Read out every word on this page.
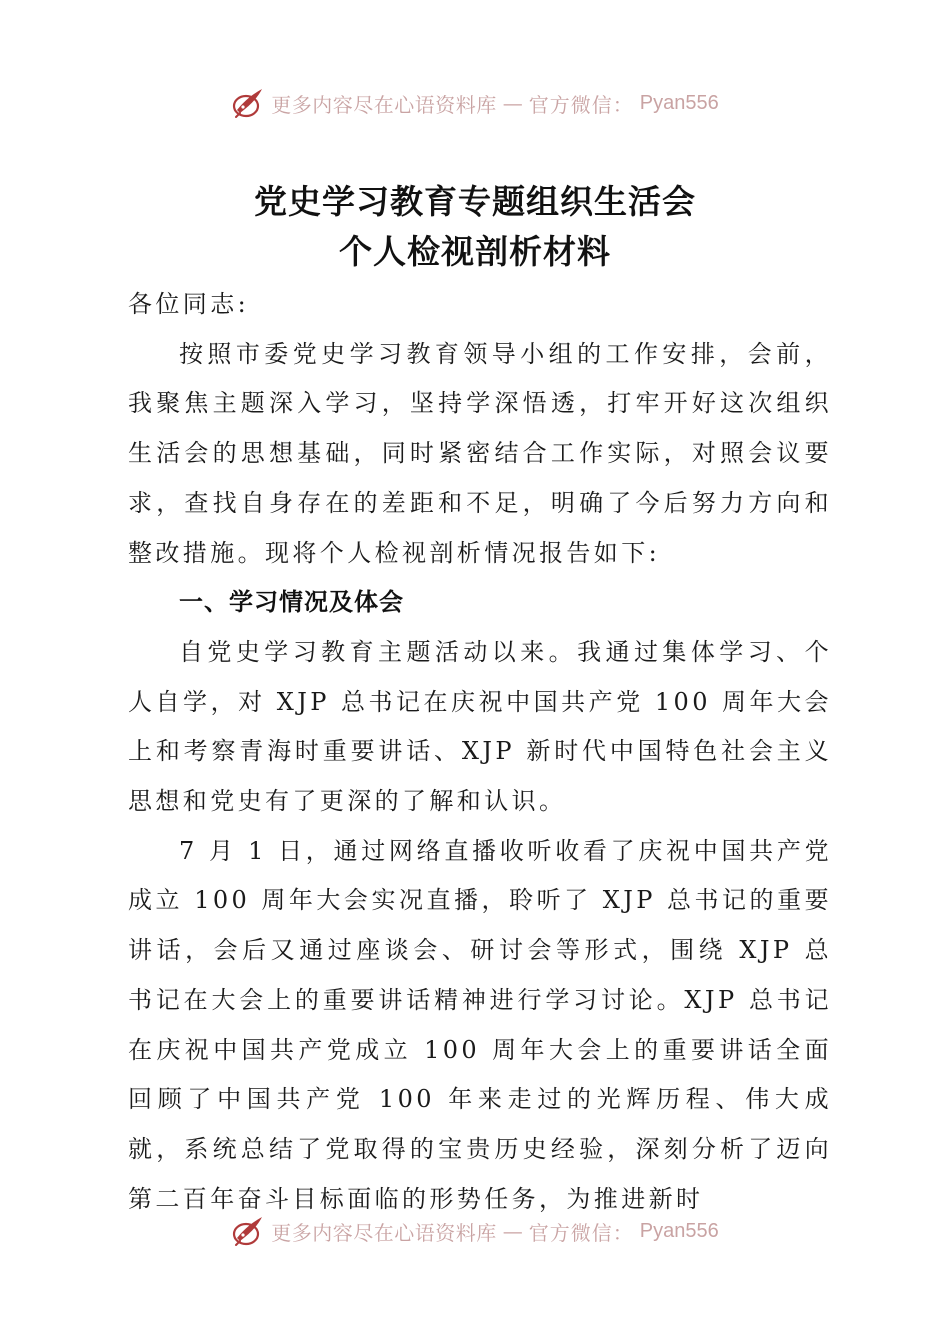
更多内容尽在心语资料库 — 官方微信： Pyan556
党史学习教育专题组织生活会
个人检视剖析材料

各位同志:

按照市委党史学习教育领导小组的工作安排，会前，我聚焦主题深入学习，坚持学深悟透，打牢开好这次组织生活会的思想基础，同时紧密结合工作实际，对照会议要求，查找自身存在的差距和不足，明确了今后努力方向和整改措施。现将个人检视剖析情况报告如下:

一、学习情况及体会

自党史学习教育主题活动以来。我通过集体学习、个人自学，对 XJP 总书记在庆祝中国共产党 100 周年大会上和考察青海时重要讲话、XJP 新时代中国特色社会主义思想和党史有了更深的了解和认识。

7 月 1 日，通过网络直播收听收看了庆祝中国共产党成立 100 周年大会实况直播，聆听了 XJP 总书记的重要讲话，会后又通过座谈会、研讨会等形式，围绕 XJP 总书记在大会上的重要讲话精神进行学习讨论。XJP 总书记在庆祝中国共产党成立 100 周年大会上的重要讲话全面回顾了中国共产党 100 年来走过的光辉历程、伟大成就，系统总结了党取得的宝贵历史经验，深刻分析了迈向第二百年奋斗目标面临的形势任务，为推进新时

更多内容尽在心语资料库 — 官方微信： Pyan556
